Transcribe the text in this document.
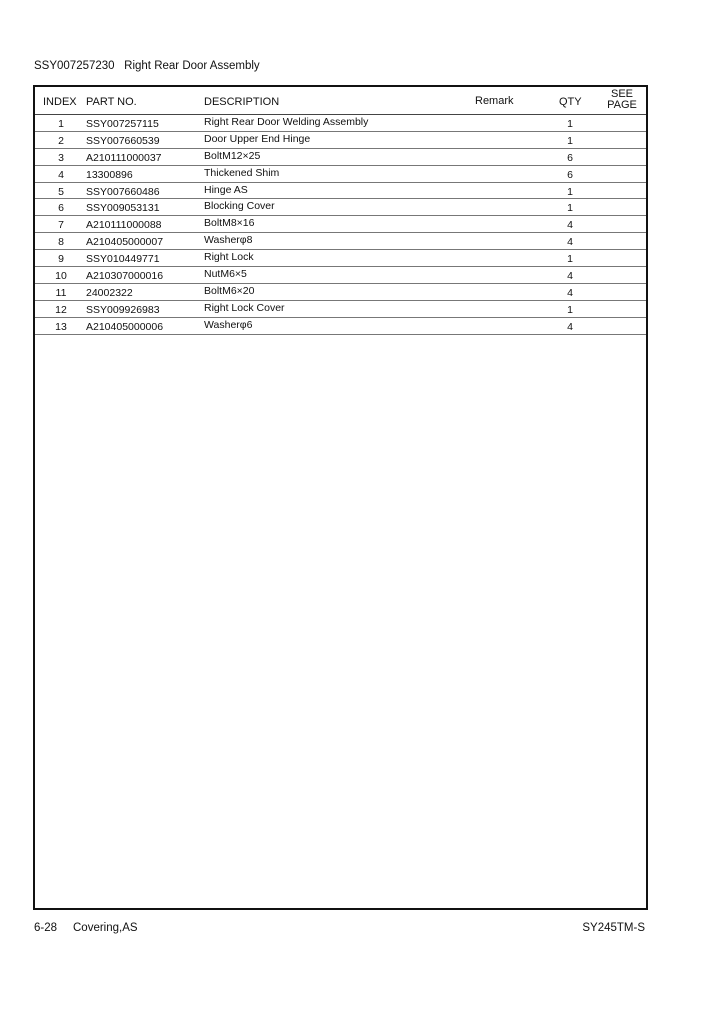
SSY007257230   Right Rear Door Assembly
INDEX PART NO.	DESCRIPTION	Remark	QTY
SEE
PAGE
1	SSY007257115	Right Rear Door Welding Assembly	1
2	SSY007660539	Door Upper End Hinge	1
3	A210111000037	BoltM12×25	6
4	13300896	Thickened Shim	6
5	SSY007660486	Hinge AS	1
6	SSY009053131	Blocking Cover	1
7	A210111000088	BoltM8×16	4
8	A210405000007	Washerφ8	4
9	SSY010449771	Right Lock	1
10	A210307000016	NutM6×5	4
11	24002322	BoltM6×20	4
12	SSY009926983	Right Lock Cover	1
13	A210405000006	Washerφ6	4
6-28     Covering,AS	SY245TM-S
